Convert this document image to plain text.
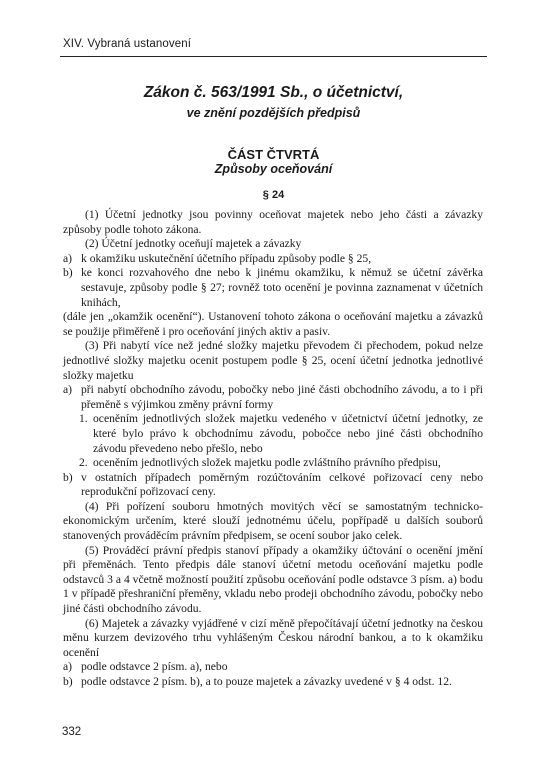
XIV. Vybraná ustanovení
Zákon č. 563/1991 Sb., o účetnictví,
ve znění pozdějších předpisů
ČÁST ČTVRTÁ
Způsoby oceňování
§ 24

(1) Účetní jednotky jsou povinny oceňovat majetek nebo jeho části a závazky způsoby podle tohoto zákona.

(2) Účetní jednotky oceňují majetek a závazky

a) k okamžiku uskutečnění účetního případu způsoby podle § 25,
b) ke konci rozvahového dne nebo k jinému okamžiku, k němuž se účetní závěrka sestavuje, způsoby podle § 27; rovněž toto ocenění je povinna zaznamenat v účetních knihách,

(dále jen „okamžik ocenění“). Ustanovení tohoto zákona o oceňování majetku a závazků se použije přiměřeně i pro oceňování jiných aktiv a pasiv.

(3) Při nabytí více než jedné složky majetku převodem či přechodem, pokud nelze jednotlivé složky majetku ocenit postupem podle § 25, ocení účetní jednotka jednotlivé složky majetku

a) při nabytí obchodního závodu, pobočky nebo jiné části obchodního závodu, a to i při přeměně s výjimkou změny právní formy
1. oceněním jednotlivých složek majetku vedeného v účetnictví účetní jednotky, ze které bylo právo k obchodnímu závodu, pobočce nebo jiné části obchodního závodu převedeno nebo přešlo, nebo
2. oceněním jednotlivých složek majetku podle zvláštního právního předpisu,
b) v ostatních případech poměrným rozúčtováním celkové pořizovací ceny nebo reprodukční pořizovací ceny.

(4) Při pořízení souboru hmotných movitých věcí se samostatným technicko-ekonomickým určením, které slouží jednotnému účelu, popřípadě u dalších souborů stanovených prováděcím právním předpisem, se ocení soubor jako celek.

(5) Prováděcí právní předpis stanoví případy a okamžiky účtování o ocenění jmění při přeměnách. Tento předpis dále stanoví účetní metodu oceňování majetku podle odstavců 3 a 4 včetně možností použití způsobu oceňování podle odstavce 3 písm. a) bodu 1 v případě přeshraniční přeměny, vkladu nebo prodeji obchodního závodu, pobočky nebo jiné části obchodního závodu.

(6) Majetek a závazky vyjádřené v cizí měně přepočítávají účetní jednotky na českou měnu kurzem devizového trhu vyhlášeným Českou národní bankou, a to k okamžiku ocenění

a) podle odstavce 2 písm. a), nebo
b) podle odstavce 2 písm. b), a to pouze majetek a závazky uvedené v § 4 odst. 12.
332
